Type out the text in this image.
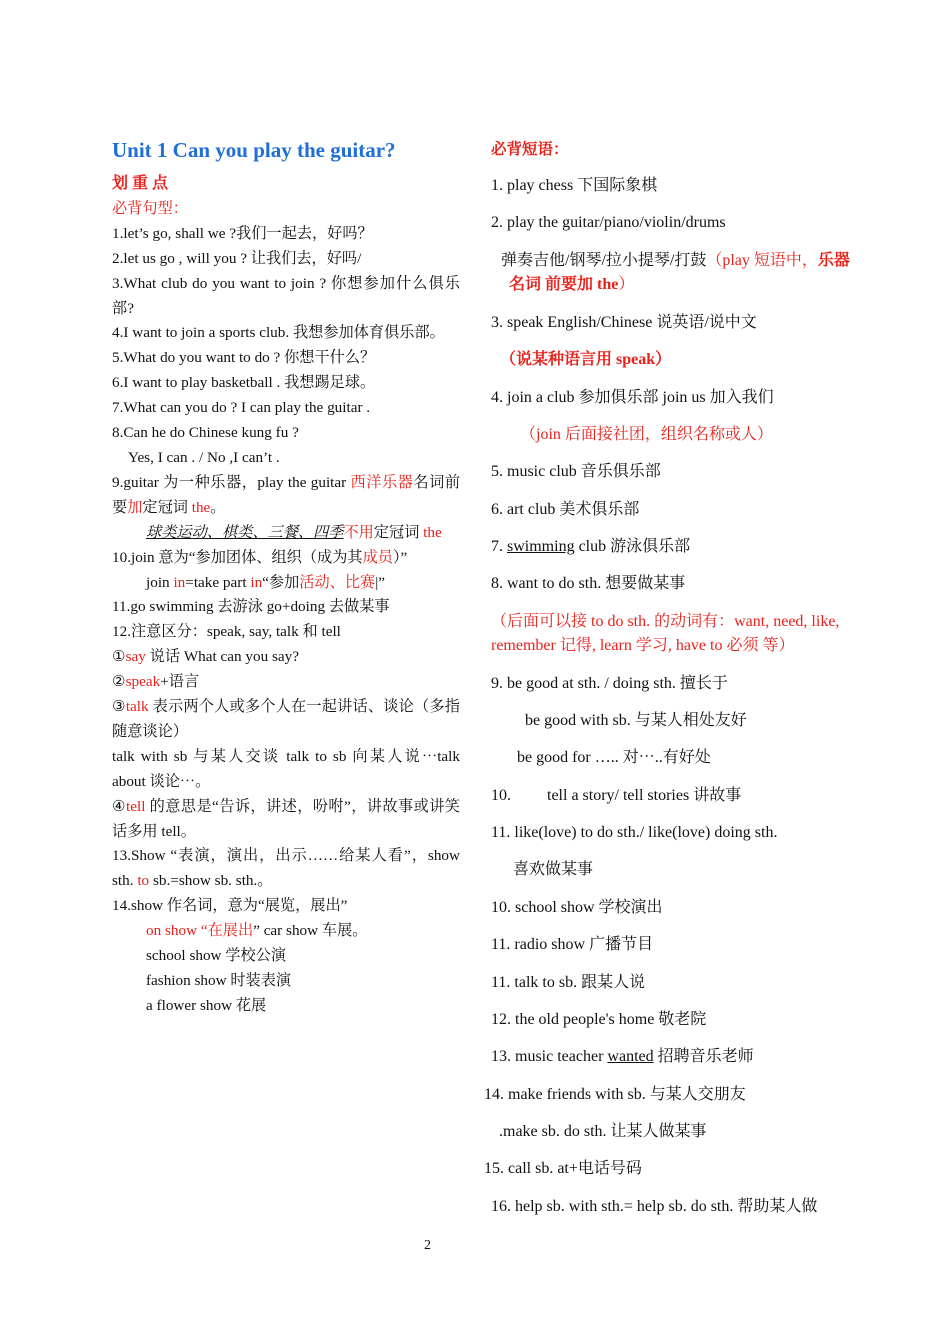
Unit 1 Can you play the guitar?
划 重 点
必背句型：
1.let’s go, shall we ?我们一起去，好吗？
2.let us go , will you ? 让我们去，好吗/
3.What club do you want to join ? 你想参加什么俱乐部?
4.I want to join a sports club. 我想参加体育俱乐部。
5.What do you want to do ? 你想干什么？
6.I want to play basketball . 我想踢足球。
7.What can you do ? I can play the guitar .
8.Can he do Chinese kung fu ?
Yes, I can . / No ,I can’t .
9.guitar 为一种乐器，play the guitar 西洋乐器名词前要加定冠词 the。
球类运动、棋类、三餐、四季不用定冠词 the
10.join 意为“参加团体、组织（成为其成员）”
join in=take part in“参加活动、比赛|”
11.go swimming 去游泳 go+doing 去做某事
12.注意区分：speak, say, talk 和 tell
①say 说话 What can you say?
②speak+语言
③talk 表示两个人或多个人在一起讲话、谈论（多指随意谈论）
talk with sb 与某人交谈 talk to sb 向某人说⋯talk about 谈论⋯。
④tell 的意思是“告诉，讲述，吩咐”，讲故事或讲笑话多用 tell。
13.Show “表演，演出，出示……给某人看”，show sth. to sb.=show sb. sth.。
14.show 作名词，意为“展览，展出”
on show “在展出” car show 车展。
school show 学校公演
fashion show 时装表演
a flower show 花展
必背短语：
1. play chess 下国际象棋
2. play the guitar/piano/violin/drums
弹奏吉他/钢琴/拉小提琴/打鼓（play 短语中，乐器名词 前要加 the）
3. speak English/Chinese 说英语/说中文
（说某种语言用 speak）
4. join a club 参加俱乐部 join us 加入我们
（join 后面接社团，组织名称或人）
5. music club 音乐俱乐部
6. art club 美术俱乐部
7. swimming club 游泳俱乐部
8. want to do sth. 想要做某事
（后面可以接 to do sth. 的动词有：want, need, like, remember 记得, learn 学习, have to 必须 等）
9. be good at sth. / doing sth. 擅长于
be good with sb. 与某人相处友好
be good for ….. 对⋯..有好处
10.         tell a story/ tell stories 讲故事
11. like(love) to do sth./ like(love) doing sth.
喜欢做某事
10. school show 学校演出
11. radio show 广播节目
11. talk to sb. 跟某人说
12. the old people's home 敬老院
13. music teacher wanted 招聘音乐老师
14. make friends with sb. 与某人交朋友
.make sb. do sth. 让某人做某事
15. call sb. at+电话号码
16. help sb. with sth.= help sb. do sth. 帮助某人做
2
